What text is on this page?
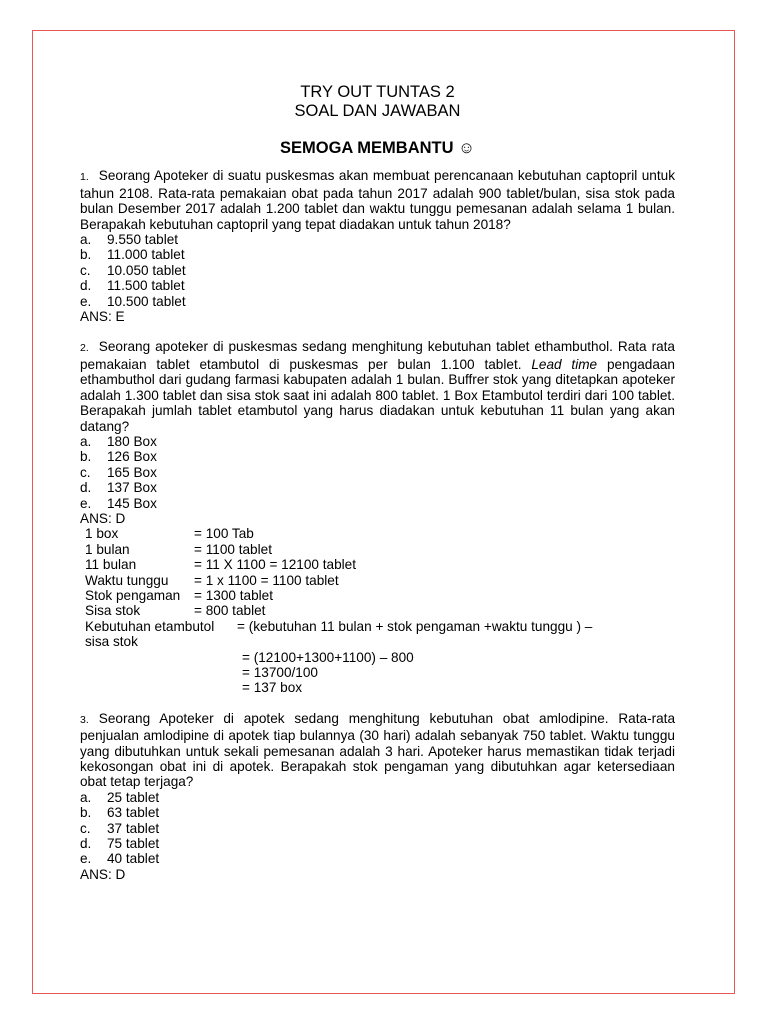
TRY OUT TUNTAS 2
SOAL DAN JAWABAN
SEMOGA MEMBANTU ☺

1. Seorang Apoteker di suatu puskesmas akan membuat perencanaan kebutuhan captopril untuk tahun 2108. Rata-rata pemakaian obat pada tahun 2017 adalah 900 tablet/bulan, sisa stok pada bulan Desember 2017 adalah 1.200 tablet dan waktu tunggu pemesanan adalah selama 1 bulan. Berapakah kebutuhan captopril yang tepat diadakan untuk tahun 2018?

a.	9.550 tablet
b.	11.000 tablet
c.	10.050 tablet
d.	11.500 tablet
e.	10.500 tablet
ANS: E

2. Seorang apoteker di puskesmas sedang menghitung kebutuhan tablet ethambuthol. Rata rata pemakaian tablet etambutol di puskesmas per bulan 1.100 tablet. Lead time pengadaan ethambuthol dari gudang farmasi kabupaten adalah 1 bulan. Buffrer stok yang ditetapkan apoteker adalah 1.300 tablet dan sisa stok saat ini adalah 800 tablet. 1 Box Etambutol terdiri dari 100 tablet. Berapakah jumlah tablet etambutol yang harus diadakan untuk kebutuhan 11 bulan yang akan datang?

a.	180 Box
b.	126 Box
c.	165 Box
d.	137 Box
e.	145 Box
ANS: D
1 box	= 100 Tab
1 bulan	= 1100 tablet
11 bulan	= 11 X 1100 = 12100 tablet
Waktu tunggu	= 1 x 1100 = 1100 tablet
Stok pengaman	= 1300 tablet
Sisa stok	= 800 tablet
Kebutuhan etambutol	= (kebutuhan 11 bulan + stok pengaman +waktu tunggu ) –
sisa stok
= (12100+1300+1100) – 800
= 13700/100
= 137 box

3. Seorang Apoteker di apotek sedang menghitung kebutuhan obat amlodipine. Rata-rata penjualan amlodipine di apotek tiap bulannya (30 hari) adalah sebanyak 750 tablet. Waktu tunggu yang dibutuhkan untuk sekali pemesanan adalah 3 hari. Apoteker harus memastikan tidak terjadi kekosongan obat ini di apotek. Berapakah stok pengaman yang dibutuhkan agar ketersediaan obat tetap terjaga?

a.	25 tablet
b.	63 tablet
c.	37 tablet
d.	75 tablet
e.	40 tablet
ANS: D
